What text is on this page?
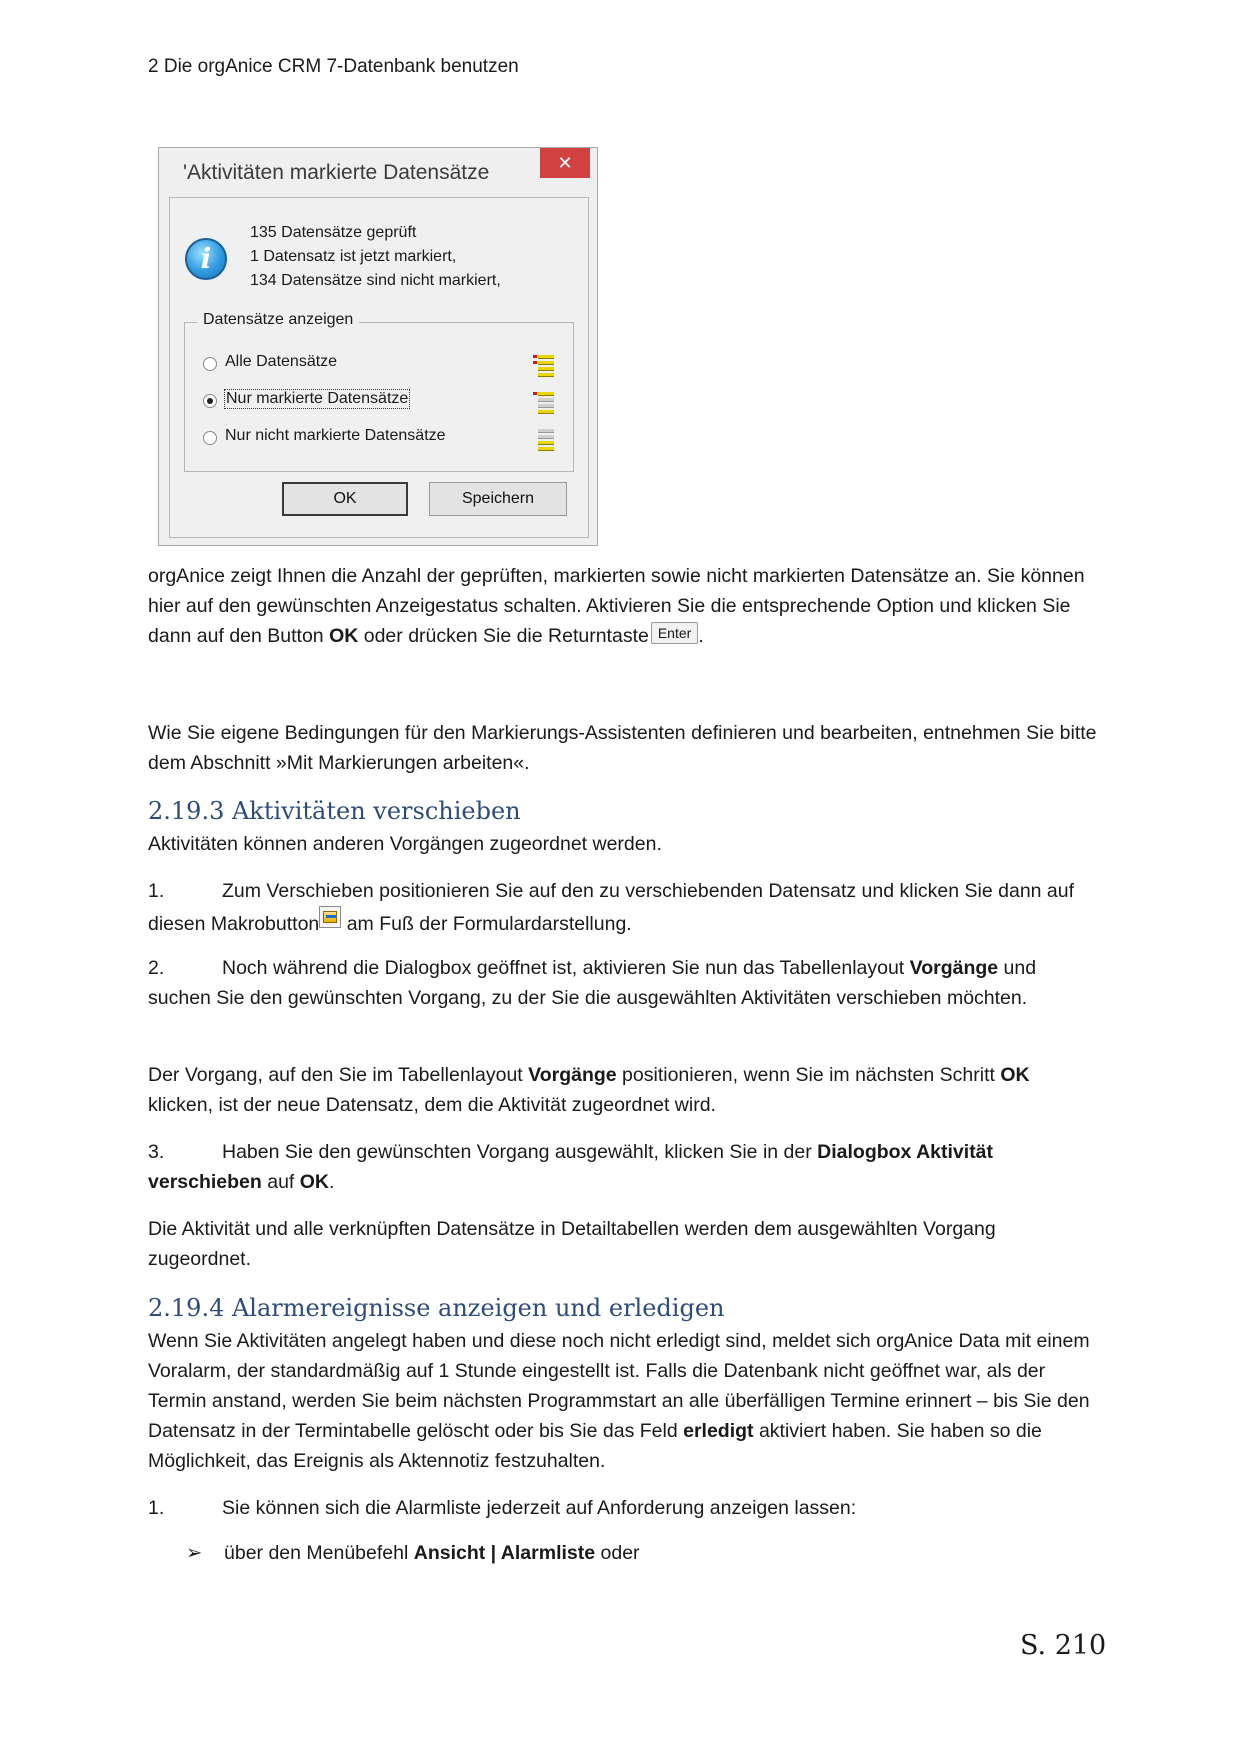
2 Die orgAnice CRM 7-Datenbank benutzen
'Aktivitäten markierte Datensätze	✕
i
135 Datensätze geprüft
1 Datensatz ist jetzt markiert,
134 Datensätze sind nicht markiert,
Datensätze anzeigen
Alle Datensätze
Nur markierte Datensätze
Nur nicht markierte Datensätze
OK	Speichern
orgAnice zeigt Ihnen die Anzahl der geprüften, markierten sowie nicht markierten Datensätze an. Sie können hier auf den gewünschten Anzeigestatus schalten. Aktivieren Sie die entsprechende Option und klicken Sie dann auf den Button OK oder drücken Sie die Returntaste Enter .
Wie Sie eigene Bedingungen für den Markierungs-Assistenten definieren und bearbeiten, entnehmen Sie bitte dem Abschnitt »Mit Markierungen arbeiten«.
2.19.3 Aktivitäten verschieben
Aktivitäten können anderen Vorgängen zugeordnet werden.
1.	Zum Verschieben positionieren Sie auf den zu verschiebenden Datensatz und klicken Sie dann auf diesen Makrobutton am Fuß der Formulardarstellung.
2.	Noch während die Dialogbox geöffnet ist, aktivieren Sie nun das Tabellenlayout Vorgänge und suchen Sie den gewünschten Vorgang, zu der Sie die ausgewählten Aktivitäten verschieben möchten.
Der Vorgang, auf den Sie im Tabellenlayout Vorgänge positionieren, wenn Sie im nächsten Schritt OK klicken, ist der neue Datensatz, dem die Aktivität zugeordnet wird.
3.	Haben Sie den gewünschten Vorgang ausgewählt, klicken Sie in der Dialogbox Aktivität verschieben auf OK.
Die Aktivität und alle verknüpften Datensätze in Detailtabellen werden dem ausgewählten Vorgang zugeordnet.
2.19.4 Alarmereignisse anzeigen und erledigen
Wenn Sie Aktivitäten angelegt haben und diese noch nicht erledigt sind, meldet sich orgAnice Data mit einem Voralarm, der standardmäßig auf 1 Stunde eingestellt ist. Falls die Datenbank nicht geöffnet war, als der Termin anstand, werden Sie beim nächsten Programmstart an alle überfälligen Termine erinnert – bis Sie den Datensatz in der Termintabelle gelöscht oder bis Sie das Feld erledigt aktiviert haben. Sie haben so die Möglichkeit, das Ereignis als Aktennotiz festzuhalten.
1.	Sie können sich die Alarmliste jederzeit auf Anforderung anzeigen lassen:
➢ über den Menübefehl Ansicht | Alarmliste oder
S. 210
